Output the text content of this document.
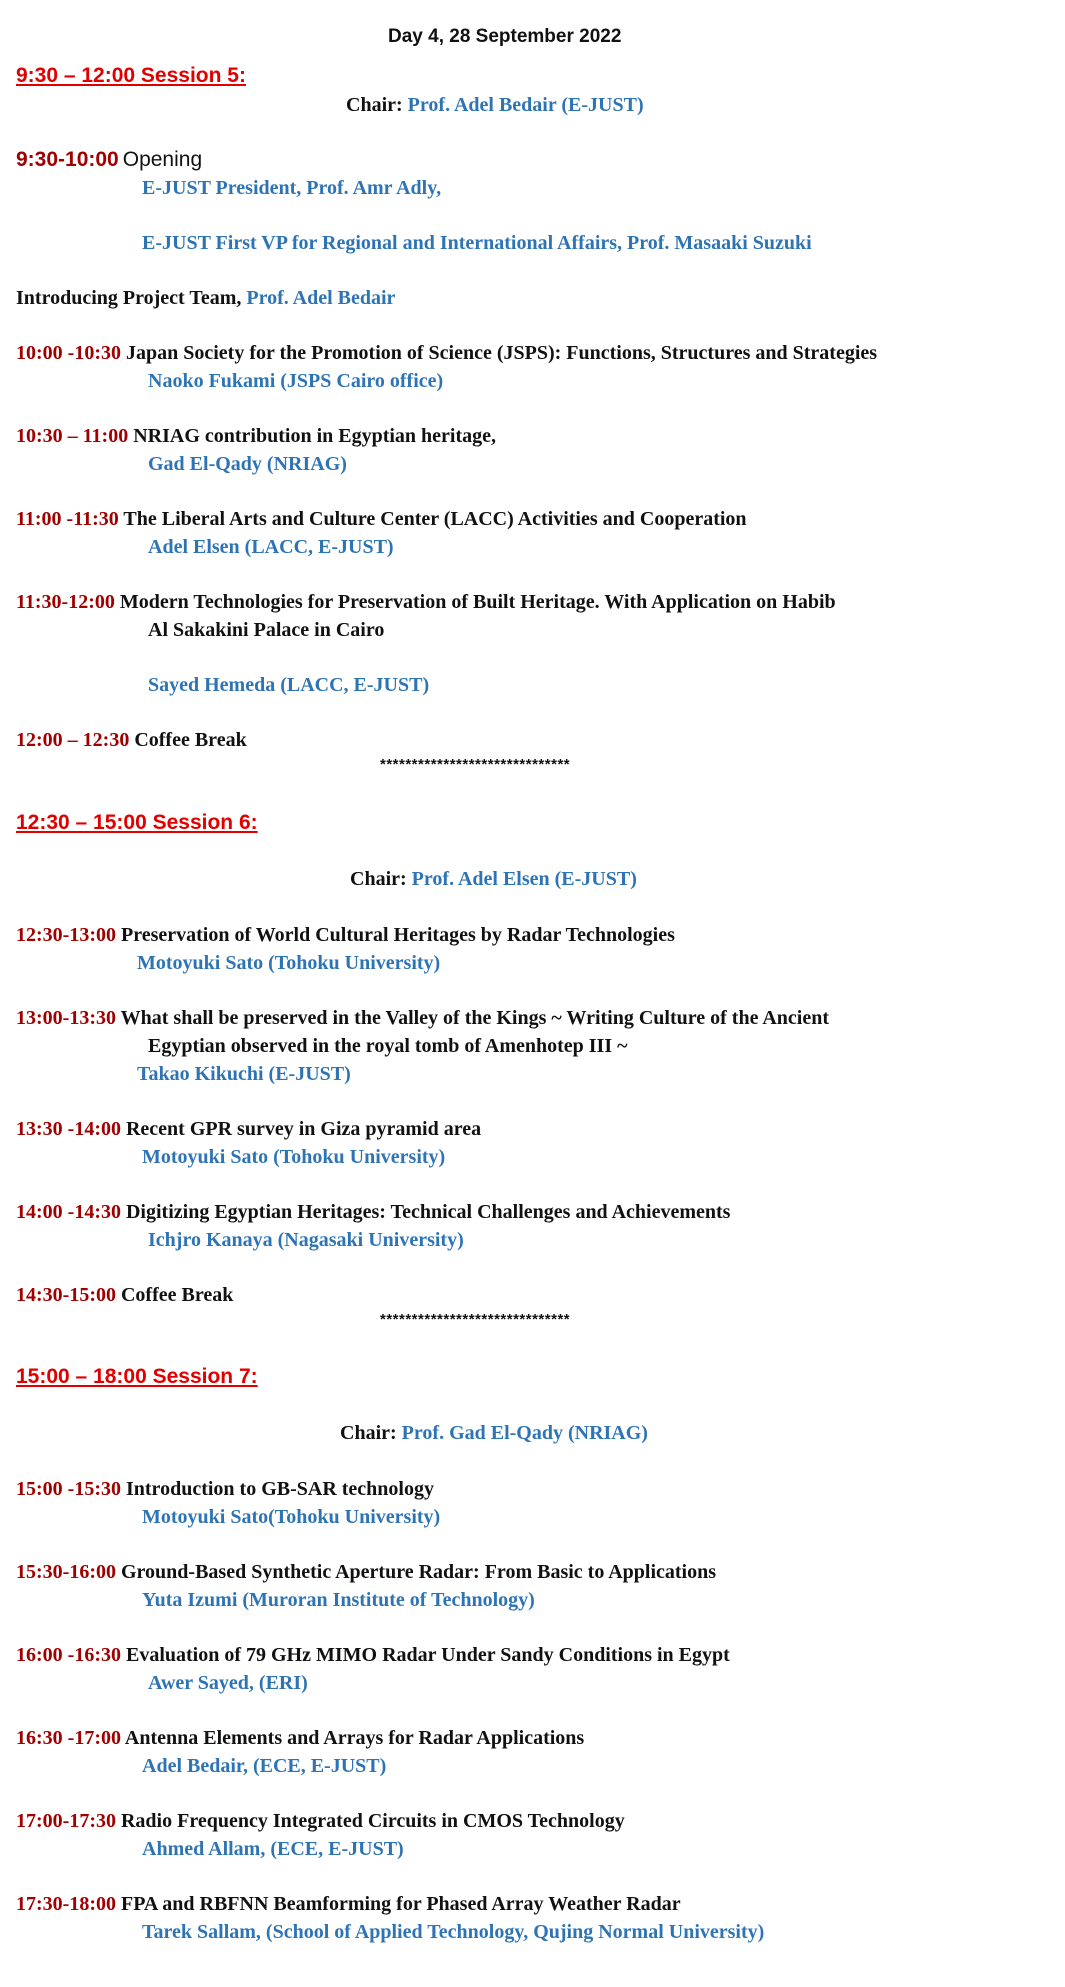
Day 4, 28 September 2022
9:30 – 12:00 Session 5:
Chair: Prof. Adel Bedair (E-JUST)
9:30-10:00 Opening
E-JUST President, Prof. Amr Adly,
E-JUST First VP for Regional and International Affairs, Prof. Masaaki Suzuki
Introducing Project Team, Prof. Adel Bedair
10:00 -10:30 Japan Society for the Promotion of Science (JSPS): Functions, Structures and Strategies
Naoko Fukami (JSPS Cairo office)
10:30 – 11:00 NRIAG contribution in Egyptian heritage,
Gad El-Qady (NRIAG)
11:00 -11:30 The Liberal Arts and Culture Center (LACC) Activities and Cooperation
Adel Elsen (LACC, E-JUST)
11:30-12:00 Modern Technologies for Preservation of Built Heritage. With Application on Habib
Al Sakakini Palace in Cairo
Sayed Hemeda (LACC, E-JUST)
12:00 – 12:30 Coffee Break
******************************
12:30 – 15:00 Session 6:
Chair: Prof. Adel Elsen (E-JUST)
12:30-13:00 Preservation of World Cultural Heritages by Radar Technologies
Motoyuki Sato (Tohoku University)
13:00-13:30 What shall be preserved in the Valley of the Kings ~ Writing Culture of the Ancient
Egyptian observed in the royal tomb of Amenhotep III ~
Takao Kikuchi (E-JUST)
13:30 -14:00 Recent GPR survey in Giza pyramid area
Motoyuki Sato (Tohoku University)
14:00 -14:30 Digitizing Egyptian Heritages: Technical Challenges and Achievements
Ichjro Kanaya (Nagasaki University)
14:30-15:00 Coffee Break
******************************
15:00 – 18:00 Session 7:
Chair: Prof. Gad El-Qady (NRIAG)
15:00 -15:30 Introduction to GB-SAR technology
Motoyuki Sato(Tohoku University)
15:30-16:00 Ground-Based Synthetic Aperture Radar: From Basic to Applications
Yuta Izumi (Muroran Institute of Technology)
16:00 -16:30 Evaluation of 79 GHz MIMO Radar Under Sandy Conditions in Egypt
Awer Sayed, (ERI)
16:30 -17:00 Antenna Elements and Arrays for Radar Applications
Adel Bedair, (ECE, E-JUST)
17:00-17:30 Radio Frequency Integrated Circuits in CMOS Technology
Ahmed Allam, (ECE, E-JUST)
17:30-18:00 FPA and RBFNN Beamforming for Phased Array Weather Radar
Tarek Sallam, (School of Applied Technology, Qujing Normal University)
